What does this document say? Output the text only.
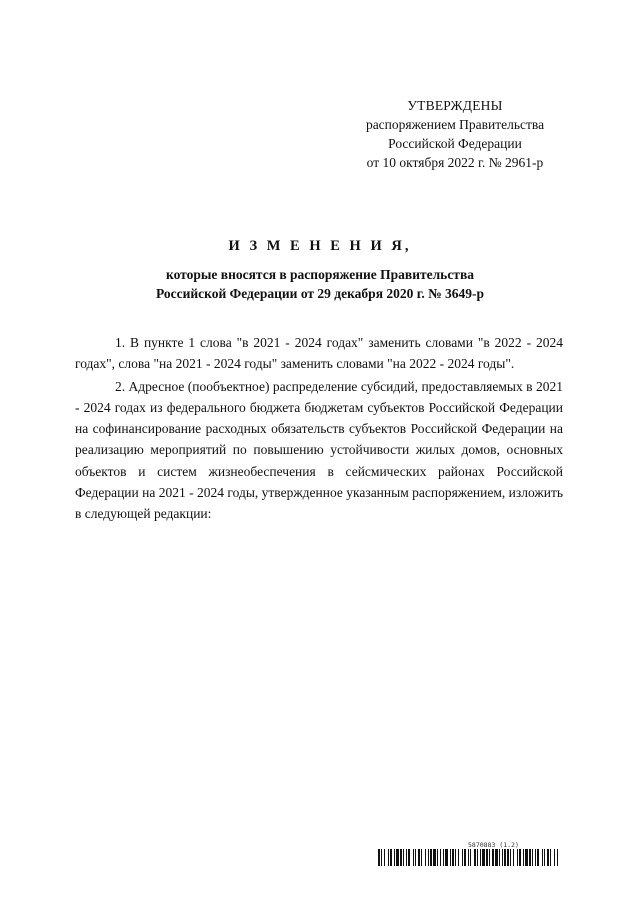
УТВЕРЖДЕНЫ
распоряжением Правительства
Российской Федерации
от 10 октября 2022 г. № 2961-р
И З М Е Н Е Н И Я,
которые вносятся в распоряжение Правительства
Российской Федерации от 29 декабря 2020 г. № 3649-р

1. В пункте 1 слова "в 2021 - 2024 годах" заменить словами "в 2022 - 2024 годах", слова "на 2021 - 2024 годы" заменить словами "на 2022 - 2024 годы".

2. Адресное (пообъектное) распределение субсидий, предоставляемых в 2021 - 2024 годах из федерального бюджета бюджетам субъектов Российской Федерации на софинансирование расходных обязательств субъектов Российской Федерации на реализацию мероприятий по повышению устойчивости жилых домов, основных объектов и систем жизнеобеспечения в сейсмических районах Российской Федерации на 2021 - 2024 годы, утвержденное указанным распоряжением, изложить в следующей редакции:

5870883 (1.2)
